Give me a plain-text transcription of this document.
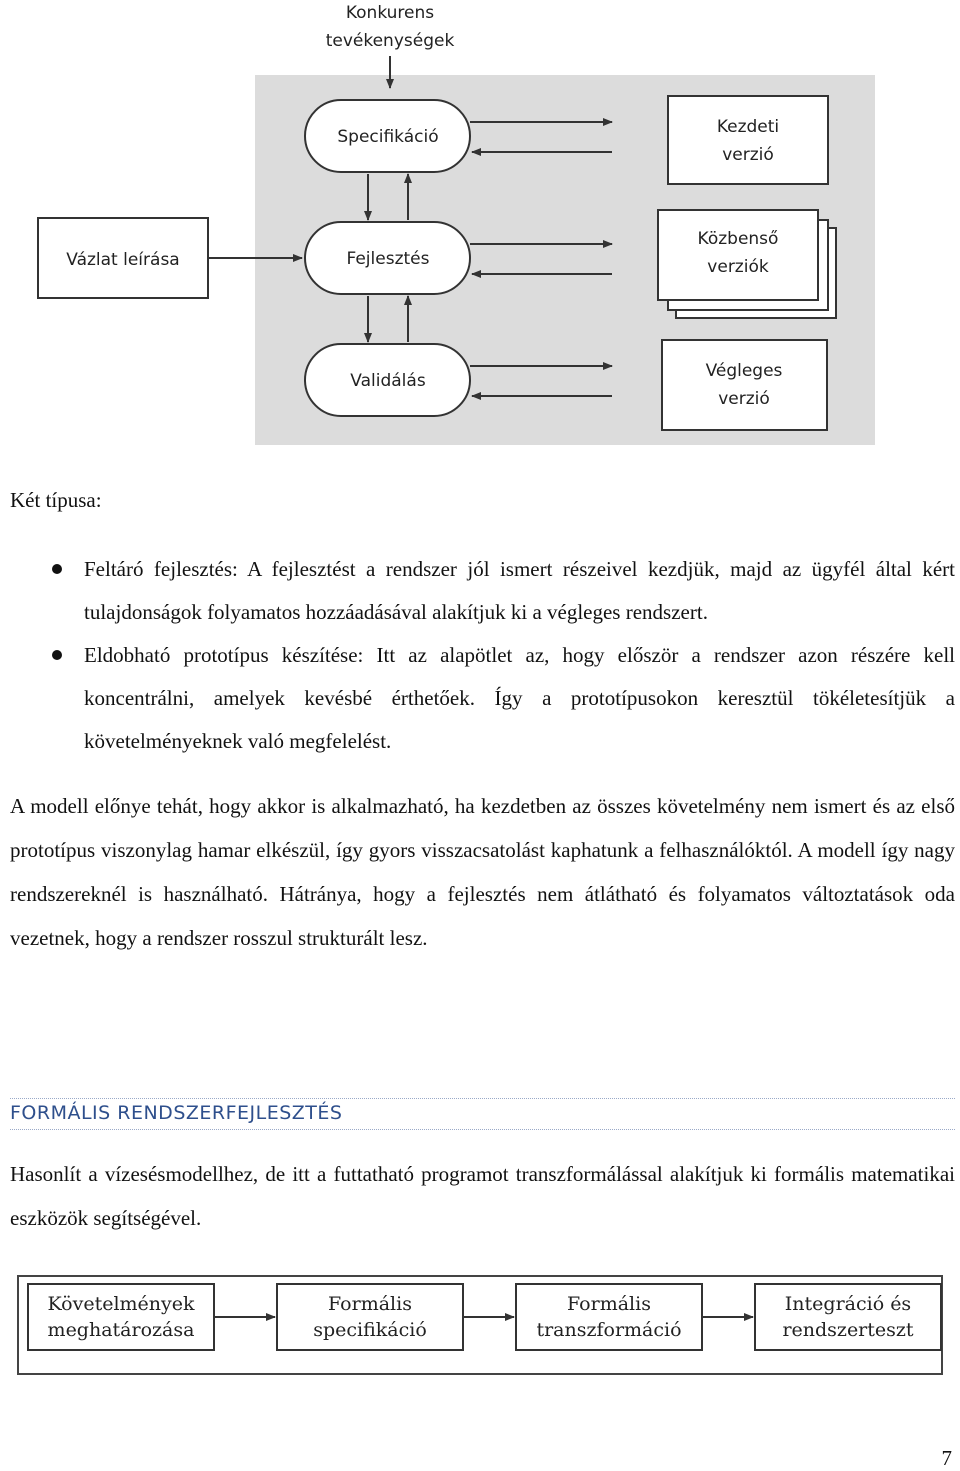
Konkurens
tevékenységek
Vázlat leírása
Specifikáció
Fejlesztés
Validálás
Kezdeti
verzió
Közbenső
verziók
Végleges
verzió
Két típusa:
Feltáró fejlesztés: A fejlesztést a rendszer jól ismert részeivel kezdjük, majd az ügyfél által kért tulajdonságok folyamatos hozzáadásával alakítjuk ki a végleges rendszert.
Eldobható prototípus készítése: Itt az alapötlet az, hogy először a rendszer azon részére kell koncentrálni, amelyek kevésbé érthetőek. Így a prototípusokon keresztül tökéletesítjük a követelményeknek való megfelelést.
A modell előnye tehát, hogy akkor is alkalmazható, ha kezdetben az összes követelmény nem ismert és az első prototípus viszonylag hamar elkészül, így gyors visszacsatolást kaphatunk a felhasználóktól. A modell így nagy rendszereknél is használható. Hátránya, hogy a fejlesztés nem átlátható és folyamatos változtatások oda vezetnek, hogy a rendszer rosszul strukturált lesz.
FORMÁLIS RENDSZERFEJLESZTÉS
Hasonlít a vízesésmodellhez, de itt a futtatható programot transzformálással alakítjuk ki formális matematikai eszközök segítségével.
Követelmények
meghatározása
Formális
specifikáció
Formális
transzformáció
Integráció és
rendszerteszt
7
